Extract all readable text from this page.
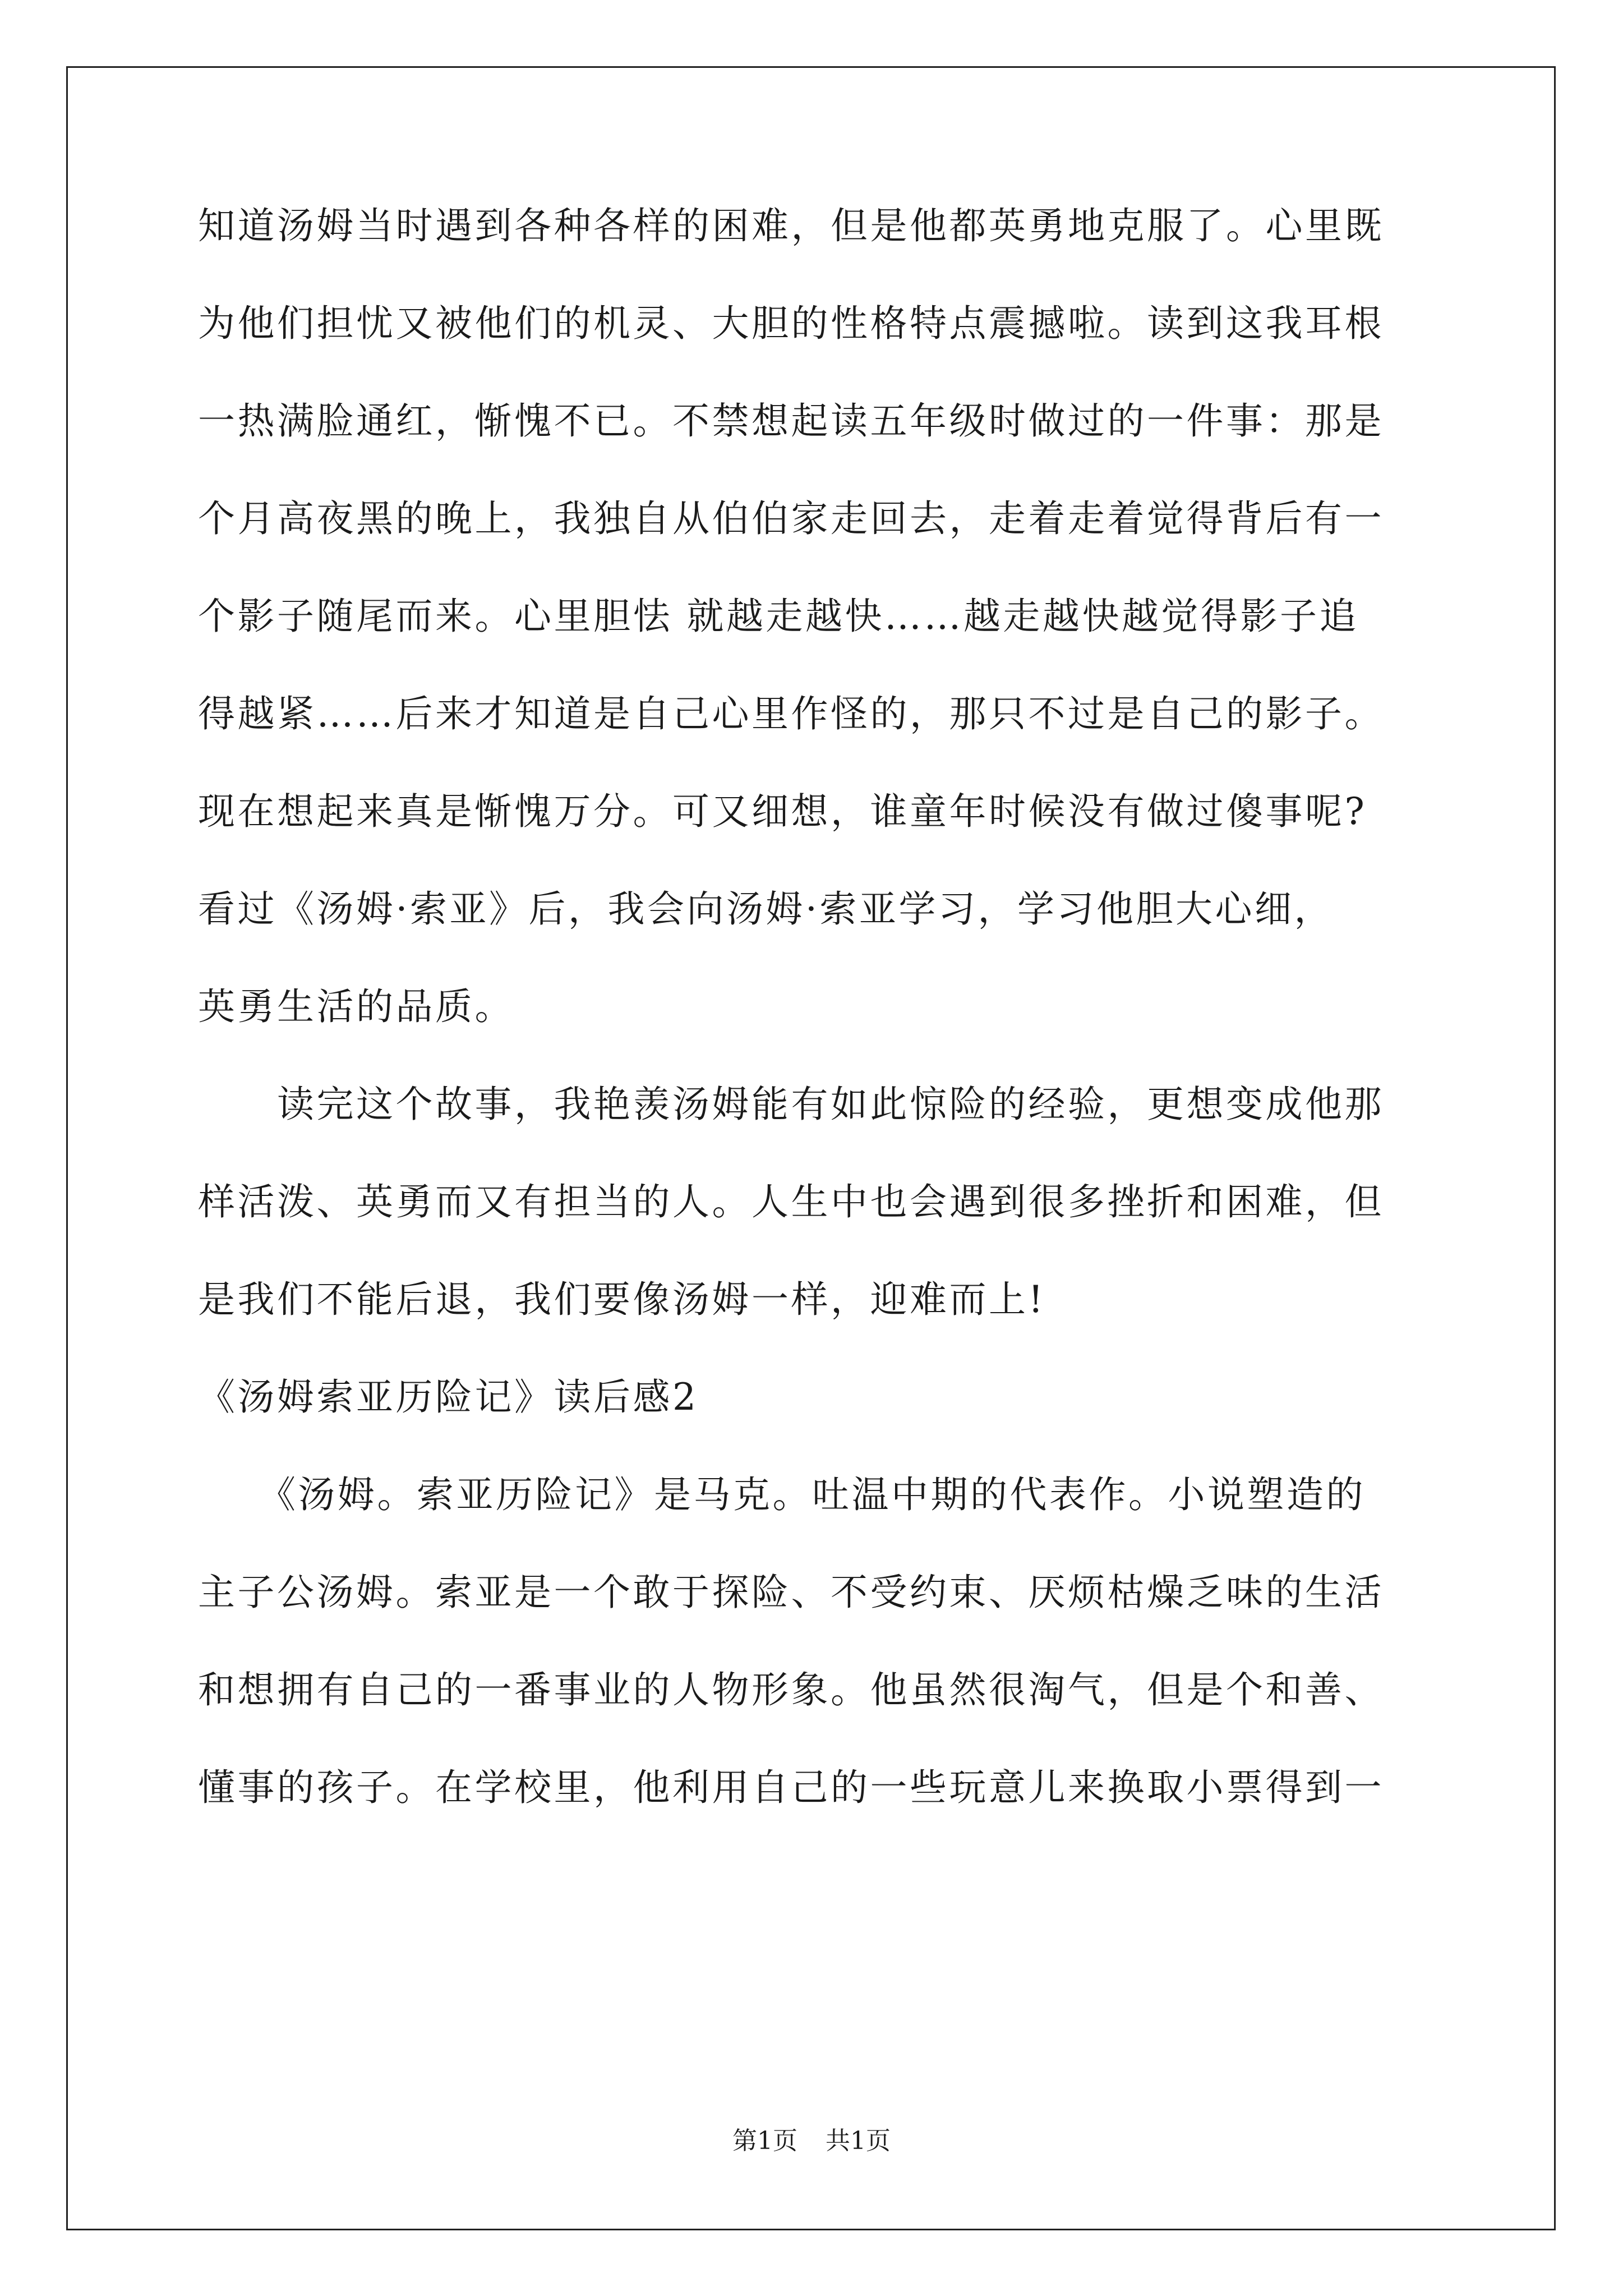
知道汤姆当时遇到各种各样的困难，但是他都英勇地克服了。心里既

为他们担忧又被他们的机灵、大胆的性格特点震撼啦。读到这我耳根

一热满脸通红，惭愧不已。不禁想起读五年级时做过的一件事：那是

个月高夜黑的晚上，我独自从伯伯家走回去，走着走着觉得背后有一

个影子随尾而来。心里胆怯 就越走越快……越走越快越觉得影子追

得越紧……后来才知道是自己心里作怪的，那只不过是自己的影子。

现在想起来真是惭愧万分。可又细想，谁童年时候没有做过傻事呢?

看过《汤姆·索亚》后，我会向汤姆·索亚学习，学习他胆大心细，

英勇生活的品质。

　　读完这个故事，我艳羡汤姆能有如此惊险的经验，更想变成他那

样活泼、英勇而又有担当的人。人生中也会遇到很多挫折和困难，但

是我们不能后退，我们要像汤姆一样，迎难而上!

《汤姆索亚历险记》读后感2

　　《汤姆。索亚历险记》是马克。吐温中期的代表作。小说塑造的

主子公汤姆。索亚是一个敢于探险、不受约束、厌烦枯燥乏味的生活

和想拥有自己的一番事业的人物形象。他虽然很淘气，但是个和善、

懂事的孩子。在学校里，他利用自己的一些玩意儿来换取小票得到一

第1页 共1页
